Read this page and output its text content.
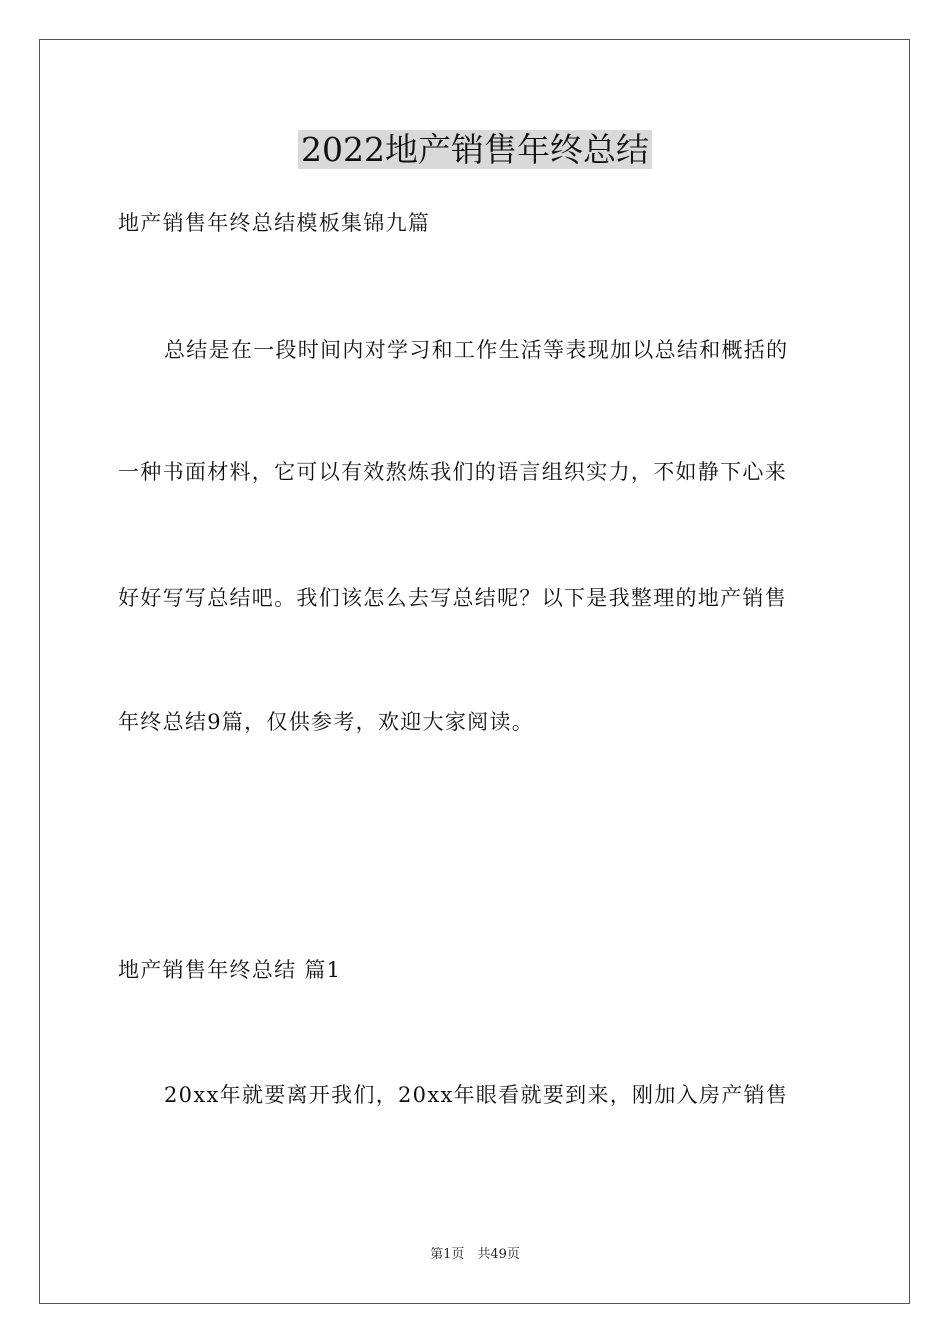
2022地产销售年终总结
地产销售年终总结模板集锦九篇
总结是在一段时间内对学习和工作生活等表现加以总结和概括的
一种书面材料，它可以有效熬炼我们的语言组织实力，不如静下心来
好好写写总结吧。我们该怎么去写总结呢？以下是我整理的地产销售
年终总结9篇，仅供参考，欢迎大家阅读。
地产销售年终总结 篇1
20xx年就要离开我们，20xx年眼看就要到来，刚加入房产销售
第1页　共49页
